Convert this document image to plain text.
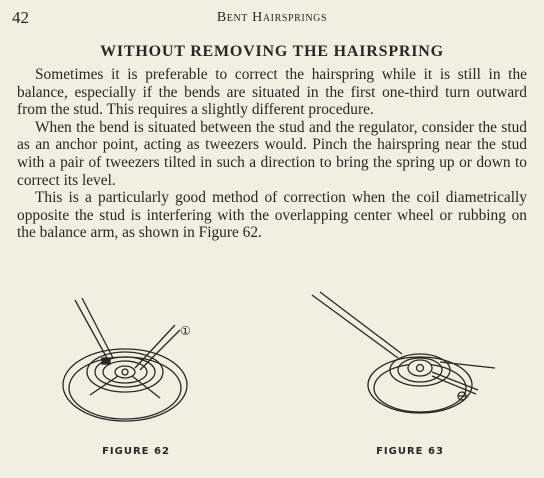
42	Bent Hairsprings
WITHOUT REMOVING THE HAIRSPRING

Sometimes it is preferable to correct the hairspring while it is still in the balance, especially if the bends are situated in the first one-third turn outward from the stud. This requires a slightly different procedure.

When the bend is situated between the stud and the regulator, consider the stud as an anchor point, acting as tweezers would. Pinch the hairspring near the stud with a pair of tweezers tilted in such a direction to bring the spring up or down to correct its level.

This is a particularly good method of correction when the coil diametrically opposite the stud is interfering with the overlapping center wheel or rubbing on the balance arm, as shown in Figure 62.

①
FIGURE 62	FIGURE 63
